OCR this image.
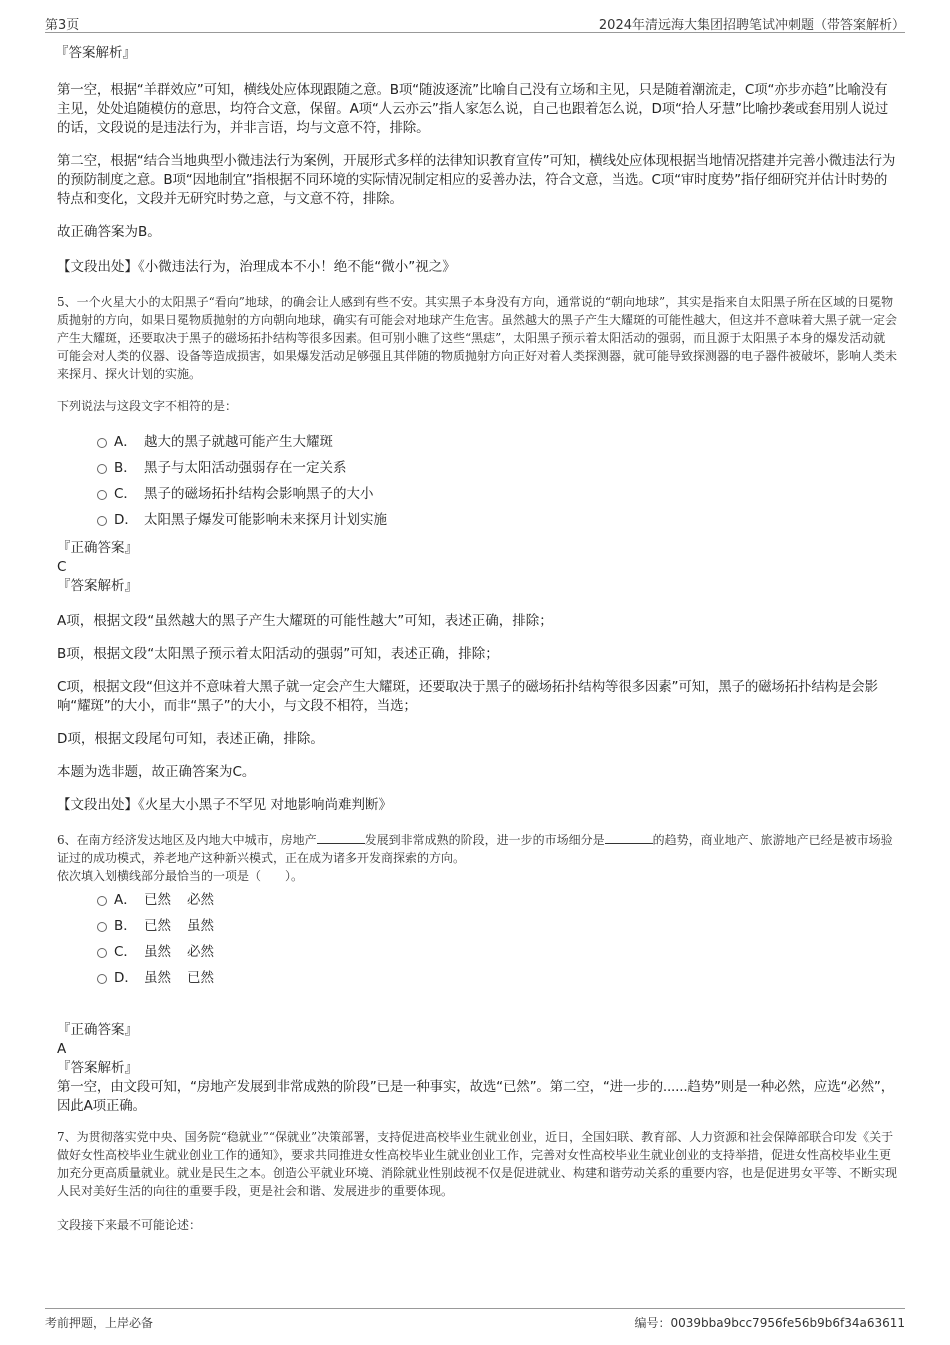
第3页	2024年清远海大集团招聘笔试冲刺题（带答案解析）

『答案解析』

第一空，根据“羊群效应”可知，横线处应体现跟随之意。B项“随波逐流”比喻自己没有立场和主见，只是随着潮流走，C项“亦步亦趋”比喻没有主见，处处追随模仿的意思，均符合文意，保留。A项“人云亦云”指人家怎么说，自己也跟着怎么说，D项“拾人牙慧”比喻抄袭或套用别人说过的话，文段说的是违法行为，并非言语，均与文意不符，排除。

第二空，根据“结合当地典型小微违法行为案例，开展形式多样的法律知识教育宣传”可知，横线处应体现根据当地情况搭建并完善小微违法行为的预防制度之意。B项“因地制宜”指根据不同环境的实际情况制定相应的妥善办法，符合文意，当选。C项“审时度势”指仔细研究并估计时势的特点和变化，文段并无研究时势之意，与文意不符，排除。

故正确答案为B。

【文段出处】《小微违法行为，治理成本不小！绝不能“微小”视之》

5、一个火星大小的太阳黑子“看向”地球，的确会让人感到有些不安。其实黑子本身没有方向，通常说的“朝向地球”，其实是指来自太阳黑子所在区域的日冕物质抛射的方向，如果日冕物质抛射的方向朝向地球，确实有可能会对地球产生危害。虽然越大的黑子产生大耀斑的可能性越大，但这并不意味着大黑子就一定会产生大耀斑，还要取决于黑子的磁场拓扑结构等很多因素。但可别小瞧了这些“黑痣”，太阳黑子预示着太阳活动的强弱，而且源于太阳黑子本身的爆发活动就可能会对人类的仪器、设备等造成损害，如果爆发活动足够强且其伴随的物质抛射方向正好对着人类探测器，就可能导致探测器的电子器件被破坏，影响人类未来探月、探火计划的实施。

下列说法与这段文字不相符的是：

A． 越大的黑子就越可能产生大耀斑
B． 黑子与太阳活动强弱存在一定关系
C． 黑子的磁场拓扑结构会影响黑子的大小
D． 太阳黑子爆发可能影响未来探月计划实施

『正确答案』

C

『答案解析』

A项，根据文段“虽然越大的黑子产生大耀斑的可能性越大”可知，表述正确，排除；

B项，根据文段“太阳黑子预示着太阳活动的强弱”可知，表述正确，排除；

C项，根据文段“但这并不意味着大黑子就一定会产生大耀斑，还要取决于黑子的磁场拓扑结构等很多因素”可知，黑子的磁场拓扑结构是会影响“耀斑”的大小，而非“黑子”的大小，与文段不相符，当选；

D项，根据文段尾句可知，表述正确，排除。

本题为选非题，故正确答案为C。

【文段出处】《火星大小黑子不罕见 对地影响尚难判断》

6、在南方经济发达地区及内地大中城市，房地产	发展到非常成熟的阶段，进一步的市场细分是	的趋势，商业地产、旅游地产已经是被市场验证过的成功模式，养老地产这种新兴模式，正在成为诸多开发商探索的方向。

依次填入划横线部分最恰当的一项是（　　）。

A． 已然 必然
B． 已然 虽然
C． 虽然 必然
D． 虽然 已然

『正确答案』

A

『答案解析』

第一空，由文段可知，“房地产发展到非常成熟的阶段”已是一种事实，故选“已然”。第二空，“进一步的......趋势”则是一种必然，应选“必然”，因此A项正确。

7、为贯彻落实党中央、国务院“稳就业”“保就业”决策部署，支持促进高校毕业生就业创业，近日，全国妇联、教育部、人力资源和社会保障部联合印发《关于做好女性高校毕业生就业创业工作的通知》，要求共同推进女性高校毕业生就业创业工作，完善对女性高校毕业生就业创业的支持举措，促进女性高校毕业生更加充分更高质量就业。就业是民生之本。创造公平就业环境、消除就业性别歧视不仅是促进就业、构建和谐劳动关系的重要内容，也是促进男女平等、不断实现人民对美好生活的向往的重要手段，更是社会和谐、发展进步的重要体现。

文段接下来最不可能论述：

考前押题，上岸必备	编号：0039bba9bcc7956fe56b9b6f34a63611
